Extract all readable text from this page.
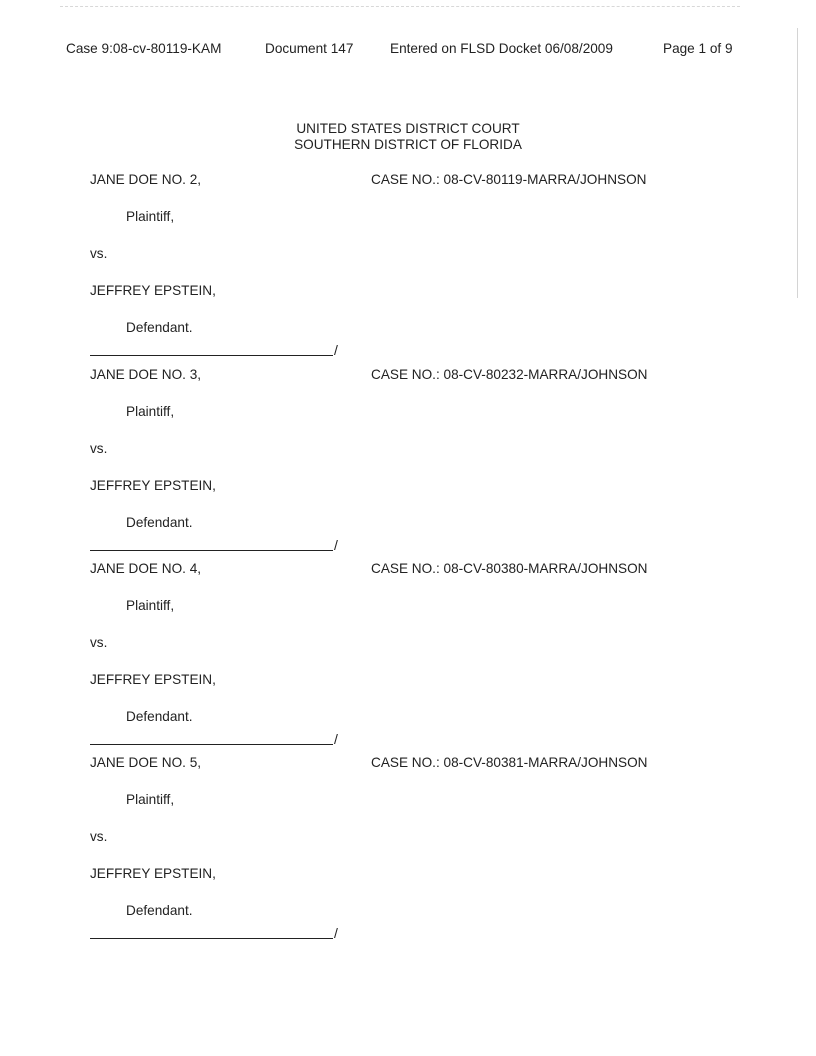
Case 9:08-cv-80119-KAM	Document 147	Entered on FLSD Docket 06/08/2009	Page 1 of 9
UNITED STATES DISTRICT COURT
SOUTHERN DISTRICT OF FLORIDA
JANE DOE NO. 2,	CASE NO.: 08-CV-80119-MARRA/JOHNSON
Plaintiff,
vs.
JEFFREY EPSTEIN,
Defendant.
/
JANE DOE NO. 3,	CASE NO.: 08-CV-80232-MARRA/JOHNSON
Plaintiff,
vs.
JEFFREY EPSTEIN,
Defendant.
/
JANE DOE NO. 4,	CASE NO.: 08-CV-80380-MARRA/JOHNSON
Plaintiff,
vs.
JEFFREY EPSTEIN,
Defendant.
/
JANE DOE NO. 5,	CASE NO.: 08-CV-80381-MARRA/JOHNSON
Plaintiff,
vs.
JEFFREY EPSTEIN,
Defendant.
/
